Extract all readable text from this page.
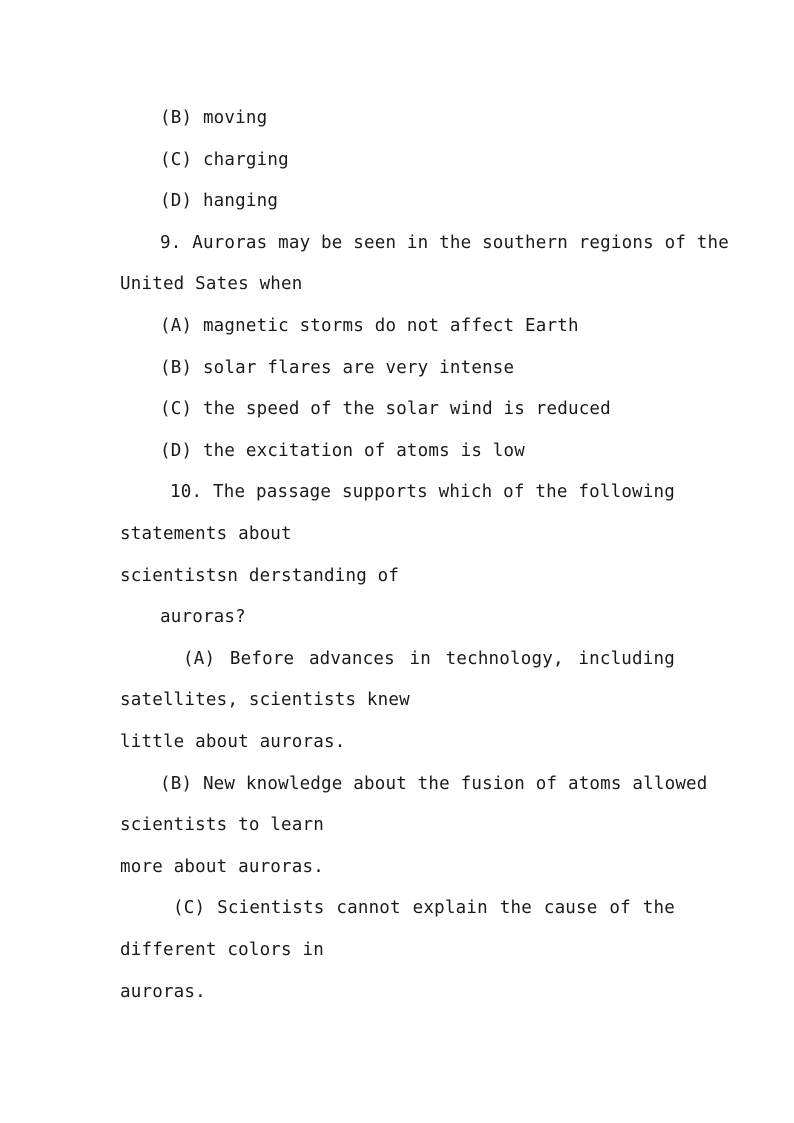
(B) moving
(C) charging
(D) hanging
9. Auroras may be seen in the southern regions of the
United Sates when
(A) magnetic storms do not affect Earth
(B) solar flares are very intense
(C) the speed of the solar wind is reduced
(D) the excitation of atoms is low
10. The passage supports which of the following
statements about
scientistsn derstanding of
auroras?
(A) Before advances in technology, including
satellites, scientists knew
little about auroras.
(B) New knowledge about the fusion of atoms allowed
scientists to learn
more about auroras.
(C) Scientists cannot explain the cause of the
different colors in
auroras.
